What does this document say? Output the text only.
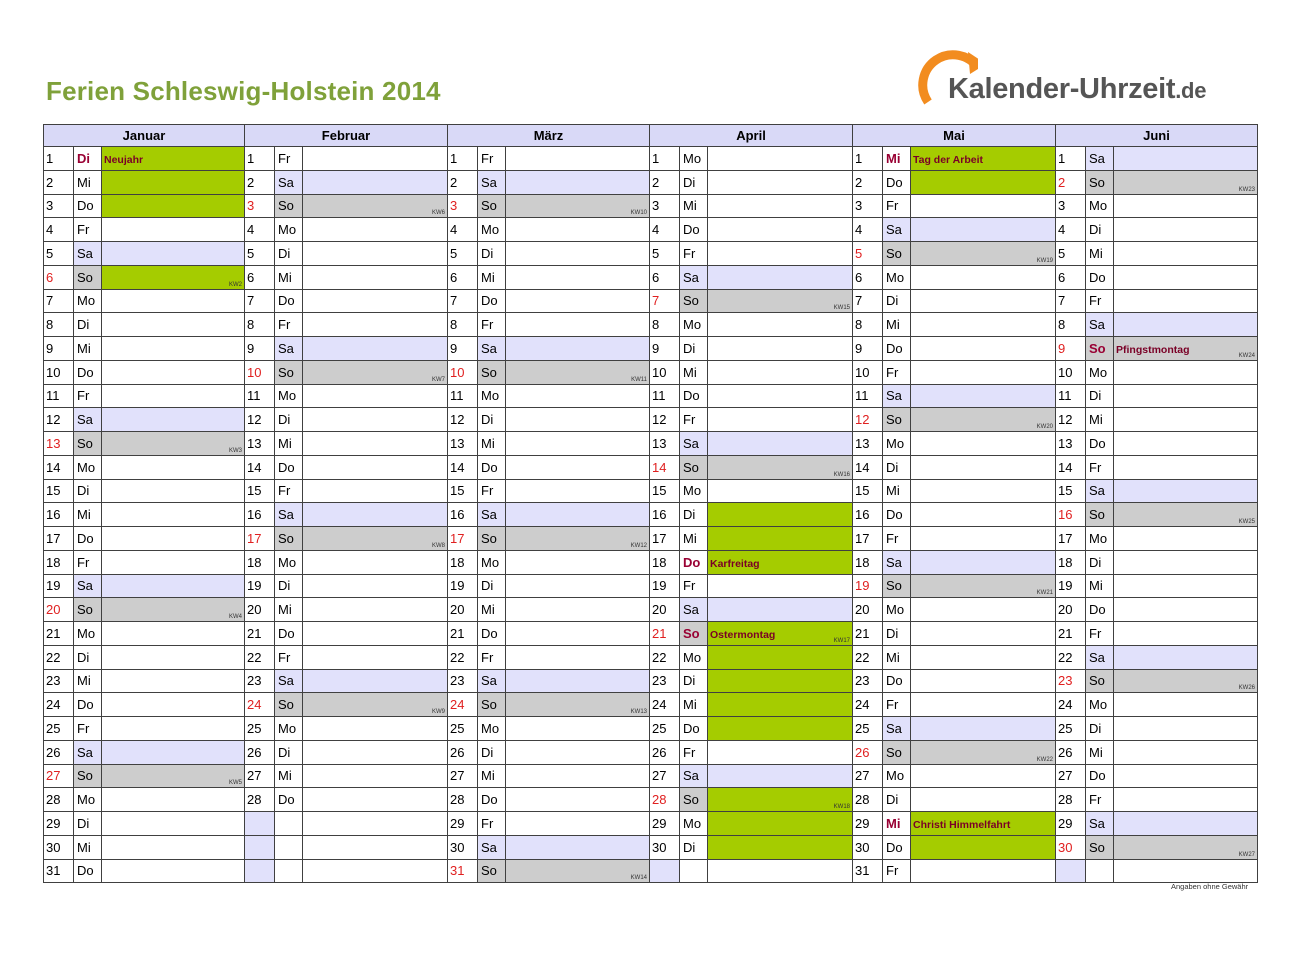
Ferien Schleswig-Holstein 2014	Kalender-Uhrzeit.de
Januar			Februar			März			April			Mai			Juni		
1	Di	Neujahr	1	Fr		1	Fr		1	Mo		1	Mi	Tag der Arbeit	1	Sa	
2	Mi		2	Sa		2	Sa		2	Di		2	Do		2	So	KW23

3	Do		3	So	KW6	3	So	KW10	3	Mi		3	Fr		3	Mo	
4	Fr		4	Mo		4	Mo		4	Do		4	Sa		4	Di	
5	Sa		5	Di		5	Di		5	Fr		5	So	KW19	5	Mi	
6	So	KW2	6	Mi		6	Mi		6	Sa		6	Mo		6	Do	
7	Mo		7	Do		7	Do		7	So	KW15	7	Di		7	Fr	
8	Di		8	Fr		8	Fr		8	Mo		8	Mi		8	Sa	
9	Mi		9	Sa		9	Sa		9	Di		9	Do		9	So	Pfingstmontag KW24

10	Do		10	So	KW7	10	So	KW11	10	Mi		10	Fr		10	Mo	
11	Fr		11	Mo		11	Mo		11	Do		11	Sa		11	Di	
12	Sa		12	Di		12	Di		12	Fr		12	So	KW20	12	Mi	
13	So	KW3	13	Mi		13	Mi		13	Sa		13	Mo		13	Do	
14	Mo		14	Do		14	Do		14	So	KW16	14	Di		14	Fr	
15	Di		15	Fr		15	Fr		15	Mo		15	Mi		15	Sa	
16	Mi		16	Sa		16	Sa		16	Di		16	Do		16	So	KW25

17	Do		17	So	KW8	17	So	KW12	17	Mi		17	Fr		17	Mo	
18	Fr		18	Mo		18	Mo		18	Do	Karfreitag	18	Sa		18	Di	
19	Sa		19	Di		19	Di		19	Fr		19	So	KW21	19	Mi	
20	So	KW4	20	Mi		20	Mi		20	Sa		20	Mo		20	Do	
21	Mo		21	Do		21	Do		21	So	Ostermontag KW17	21	Di		21	Fr	
22	Di		22	Fr		22	Fr		22	Mo		22	Mi		22	Sa	
23	Mi		23	Sa		23	Sa		23	Di		23	Do		23	So	KW26

24	Do		24	So	KW9	24	So	KW13	24	Mi		24	Fr		24	Mo	
25	Fr		25	Mo		25	Mo		25	Do		25	Sa		25	Di	
26	Sa		26	Di		26	Di		26	Fr		26	So	KW22	26	Mi	
27	So	KW5	27	Mi		27	Mi		27	Sa		27	Mo		27	Do	
28	Mo		28	Do		28	Do		28	So	KW18	28	Di		28	Fr	
29	Di					29	Fr		29	Mo		29	Mi	Christi Himmelfahrt	29	Sa	
30	Mi					30	Sa		30	Di		30	Do		30	So	KW27

31	Do					31	So	KW14				31	Fr				
Angaben ohne Gewähr
